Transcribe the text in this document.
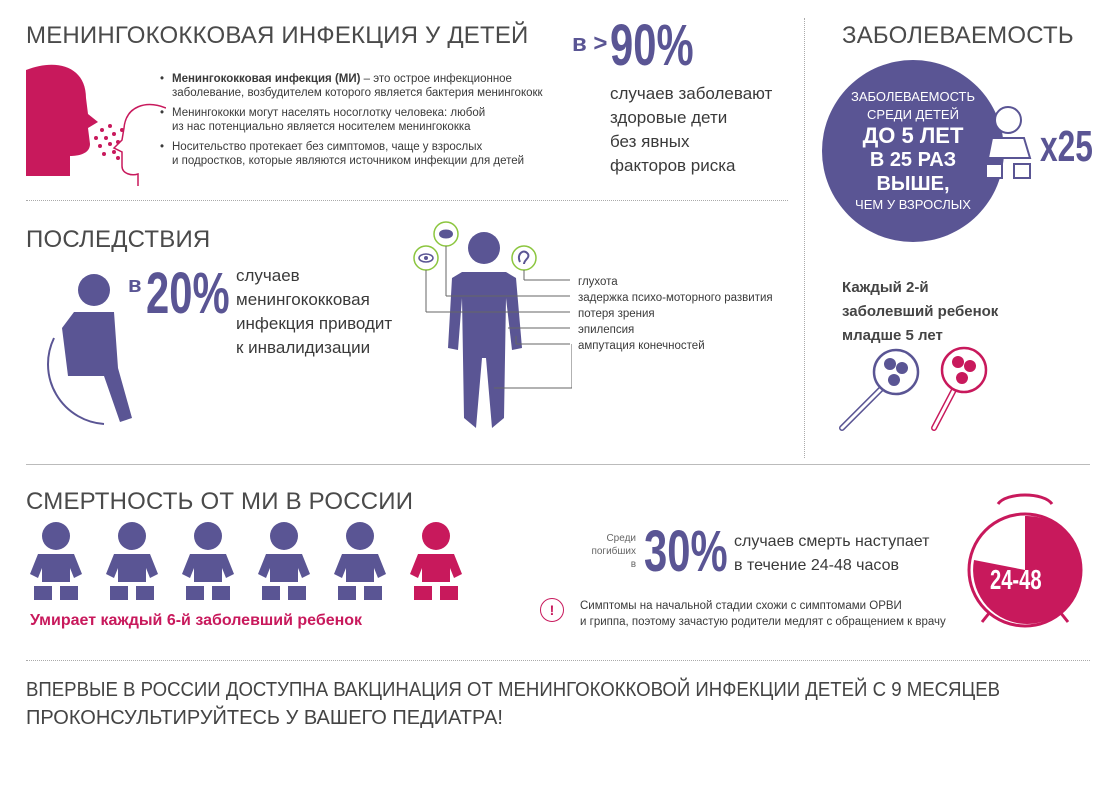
МЕНИНГОКОККОВАЯ ИНФЕКЦИЯ У ДЕТЕЙ
• Менингококковая инфекция (МИ) – это острое инфекционное
заболевание, возбудителем которого является бактерия менингококк
• Менингококки могут населять носоглотку человека: любой
из нас потенциально является носителем менингококка
• Носительство протекает без симптомов, чаще у взрослых
и подростков, которые являются источником инфекции для детей
в > 90%
случаев заболевают
здоровые дети
без явных
факторов риска
ЗАБОЛЕВАЕМОСТЬ
ЗАБОЛЕВАЕМОСТЬ
СРЕДИ ДЕТЕЙ
ДО 5 ЛЕТ
В 25 РАЗ ВЫШЕ,
ЧЕМ У ВЗРОСЛЫХ
x25
Каждый 2-й
заболевший ребенок
младше 5 лет
ПОСЛЕДСТВИЯ
в 20% случаев
менингококковая
инфекция приводит
к инвалидизации
глухота
задержка психо-моторного развития
потеря зрения
эпилепсия
ампутация конечностей
СМЕРТНОСТЬ ОТ МИ В РОССИИ
Умирает каждый 6-й заболевший ребенок
Среди
погибших
в 30% случаев смерть наступает
в течение 24-48 часов
!	Симптомы на начальной стадии схожи с симптомами ОРВИ
и гриппа, поэтому зачастую родители медлят с обращением к врачу
24-48
ВПЕРВЫЕ В РОССИИ ДОСТУПНА ВАКЦИНАЦИЯ ОТ МЕНИНГОКОККОВОЙ ИНФЕКЦИИ ДЕТЕЙ С 9 МЕСЯЦЕВ
ПРОКОНСУЛЬТИРУЙТЕСЬ У ВАШЕГО ПЕДИАТРА!
